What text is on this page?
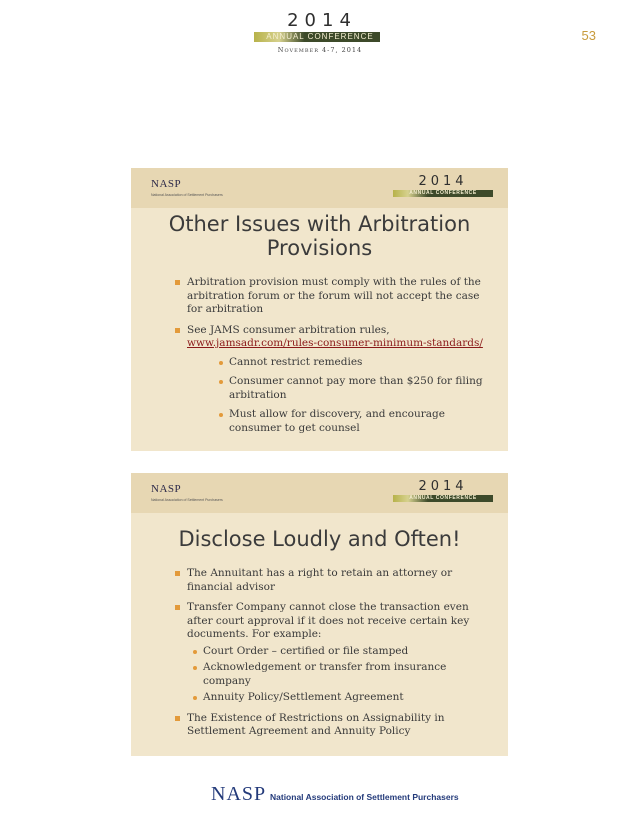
2014
ANNUAL CONFERENCE
November 4-7, 2014
53
NASP
National Association of Settlement Purchasers
2014
ANNUAL CONFERENCE
Other Issues with Arbitration
Provisions
Arbitration provision must comply with the rules of the arbitration forum or the forum will not accept the case for arbitration
See JAMS consumer arbitration rules,
www.jamsadr.com/rules-consumer-minimum-standards/
Cannot restrict remedies
Consumer cannot pay more than $250 for filing arbitration
Must allow for discovery, and encourage consumer to get counsel
NASP
National Association of Settlement Purchasers
2014
ANNUAL CONFERENCE
Disclose Loudly and Often!
The Annuitant has a right to retain an attorney or financial advisor
Transfer Company cannot close the transaction even after court approval if it does not receive certain key documents. For example:
Court Order – certified or file stamped
Acknowledgement or transfer from insurance company
Annuity Policy/Settlement Agreement
The Existence of Restrictions on Assignability in Settlement Agreement and Annuity Policy
NASP National Association of Settlement Purchasers
